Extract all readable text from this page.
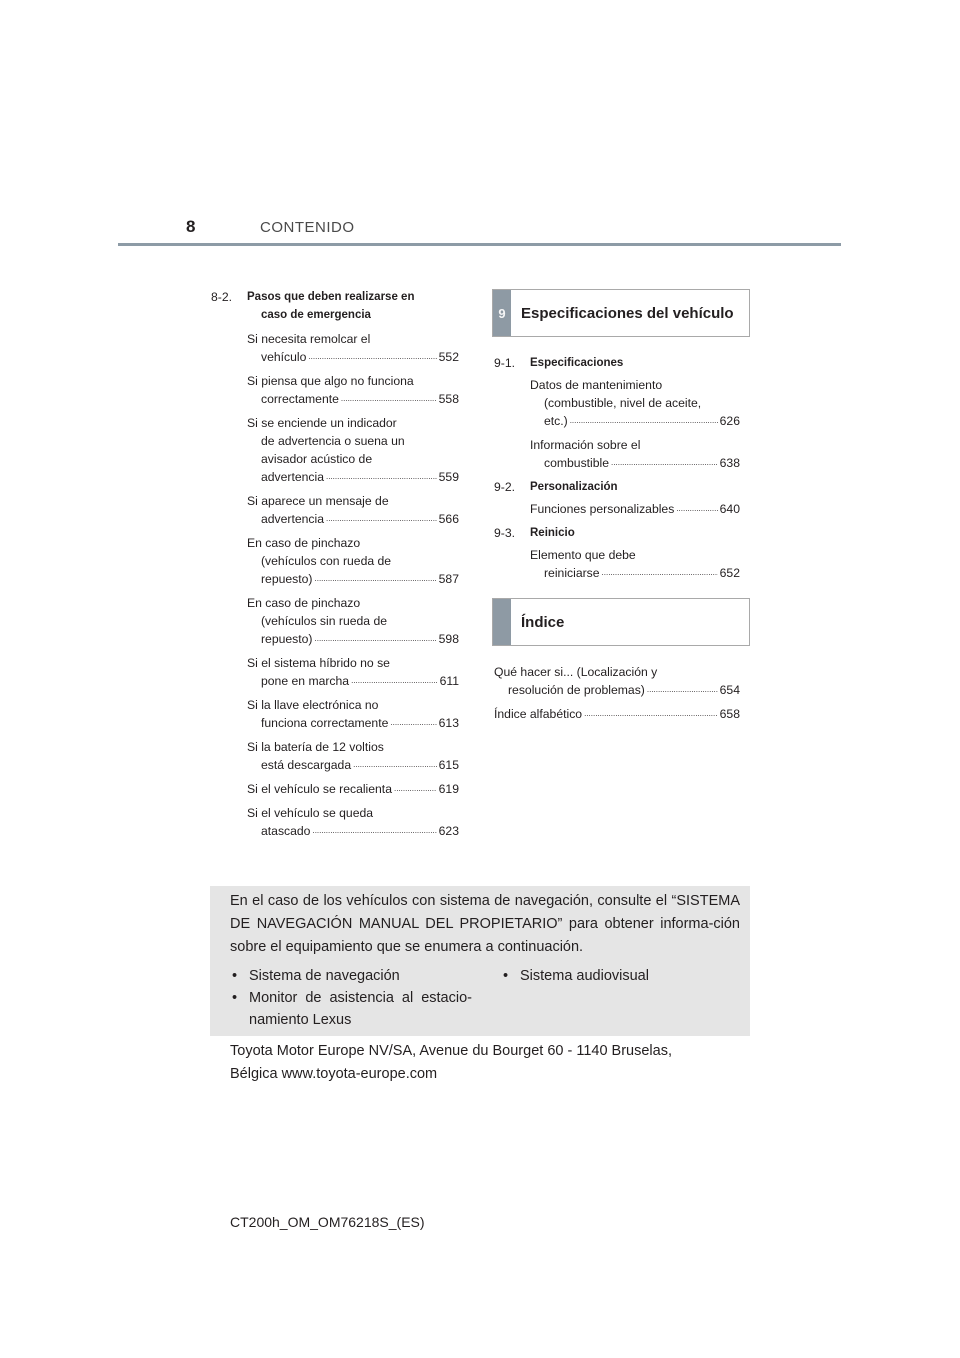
8	CONTENIDO
8-2.	Pasos que deben realizarse en
caso de emergencia
Si necesita remolcar el
vehículo .....	552
Si piensa que algo no funciona
correctamente .....	558
Si se enciende un indicador
de advertencia o suena un
avisador acústico de
advertencia .....	559
Si aparece un mensaje de
advertencia .....	566
En caso de pinchazo
(vehículos con rueda de
repuesto) .....	587
En caso de pinchazo
(vehículos sin rueda de
repuesto) .....	598
Si el sistema híbrido no se
pone en marcha .....	611
Si la llave electrónica no
funciona correctamente .....	613
Si la batería de 12 voltios
está descargada .....	615
Si el vehículo se recalienta .....	619
Si el vehículo se queda
atascado .....	623
9	Especificaciones del vehículo
9-1.	Especificaciones
Datos de mantenimiento
(combustible, nivel de aceite,
etc.) .....	626
Información sobre el
combustible .....	638
9-2.	Personalización
Funciones personalizables .....	640
9-3.	Reinicio
Elemento que debe
reiniciarse .....	652
Índice
Qué hacer si... (Localización y
resolución de problemas) .....	654
Índice alfabético .....	658
En el caso de los vehículos con sistema de navegación, consulte el “SISTEMA DE NAVEGACIÓN MANUAL DEL PROPIETARIO” para obtener informa-ción sobre el equipamiento que se enumera a continuación.
• Sistema de navegación
• Monitor de asistencia al estacio-namiento Lexus
• Sistema audiovisual
Toyota Motor Europe NV/SA, Avenue du Bourget 60 - 1140 Bruselas,
Bélgica www.toyota-europe.com
CT200h_OM_OM76218S_(ES)
